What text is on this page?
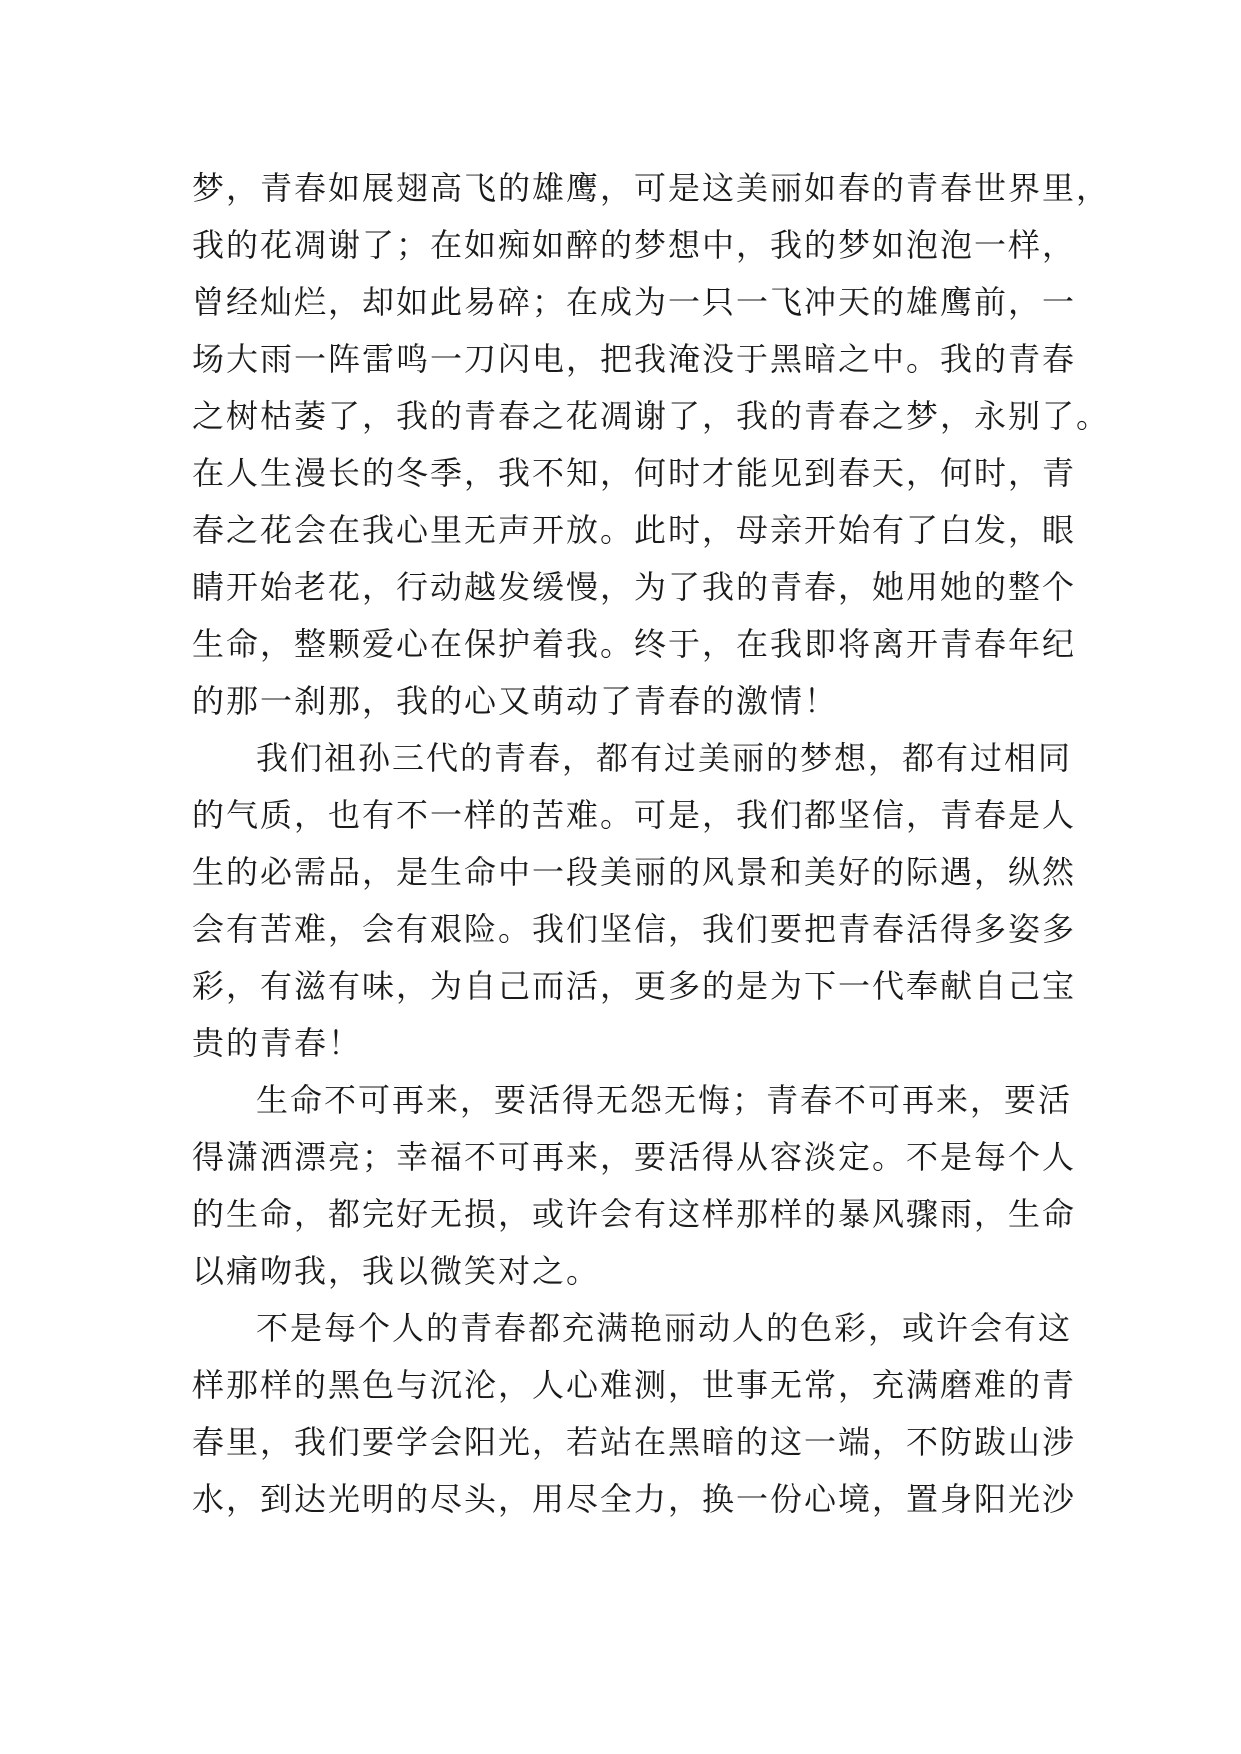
梦，青春如展翅高飞的雄鹰，可是这美丽如春的青春世界里，
我的花凋谢了；在如痴如醉的梦想中，我的梦如泡泡一样，
曾经灿烂，却如此易碎；在成为一只一飞冲天的雄鹰前，一
场大雨一阵雷鸣一刀闪电，把我淹没于黑暗之中。我的青春
之树枯萎了，我的青春之花凋谢了，我的青春之梦，永别了。
在人生漫长的冬季，我不知，何时才能见到春天，何时，青
春之花会在我心里无声开放。此时，母亲开始有了白发，眼
睛开始老花，行动越发缓慢，为了我的青春，她用她的整个
生命，整颗爱心在保护着我。终于，在我即将离开青春年纪
的那一刹那，我的心又萌动了青春的激情！
我们祖孙三代的青春，都有过美丽的梦想，都有过相同
的气质，也有不一样的苦难。可是，我们都坚信，青春是人
生的必需品，是生命中一段美丽的风景和美好的际遇，纵然
会有苦难，会有艰险。我们坚信，我们要把青春活得多姿多
彩，有滋有味，为自己而活，更多的是为下一代奉献自己宝
贵的青春！
生命不可再来，要活得无怨无悔；青春不可再来，要活
得潇洒漂亮；幸福不可再来，要活得从容淡定。不是每个人
的生命，都完好无损，或许会有这样那样的暴风骤雨，生命
以痛吻我，我以微笑对之。
不是每个人的青春都充满艳丽动人的色彩，或许会有这
样那样的黑色与沉沦，人心难测，世事无常，充满磨难的青
春里，我们要学会阳光，若站在黑暗的这一端，不防跋山涉
水，到达光明的尽头，用尽全力，换一份心境，置身阳光沙
